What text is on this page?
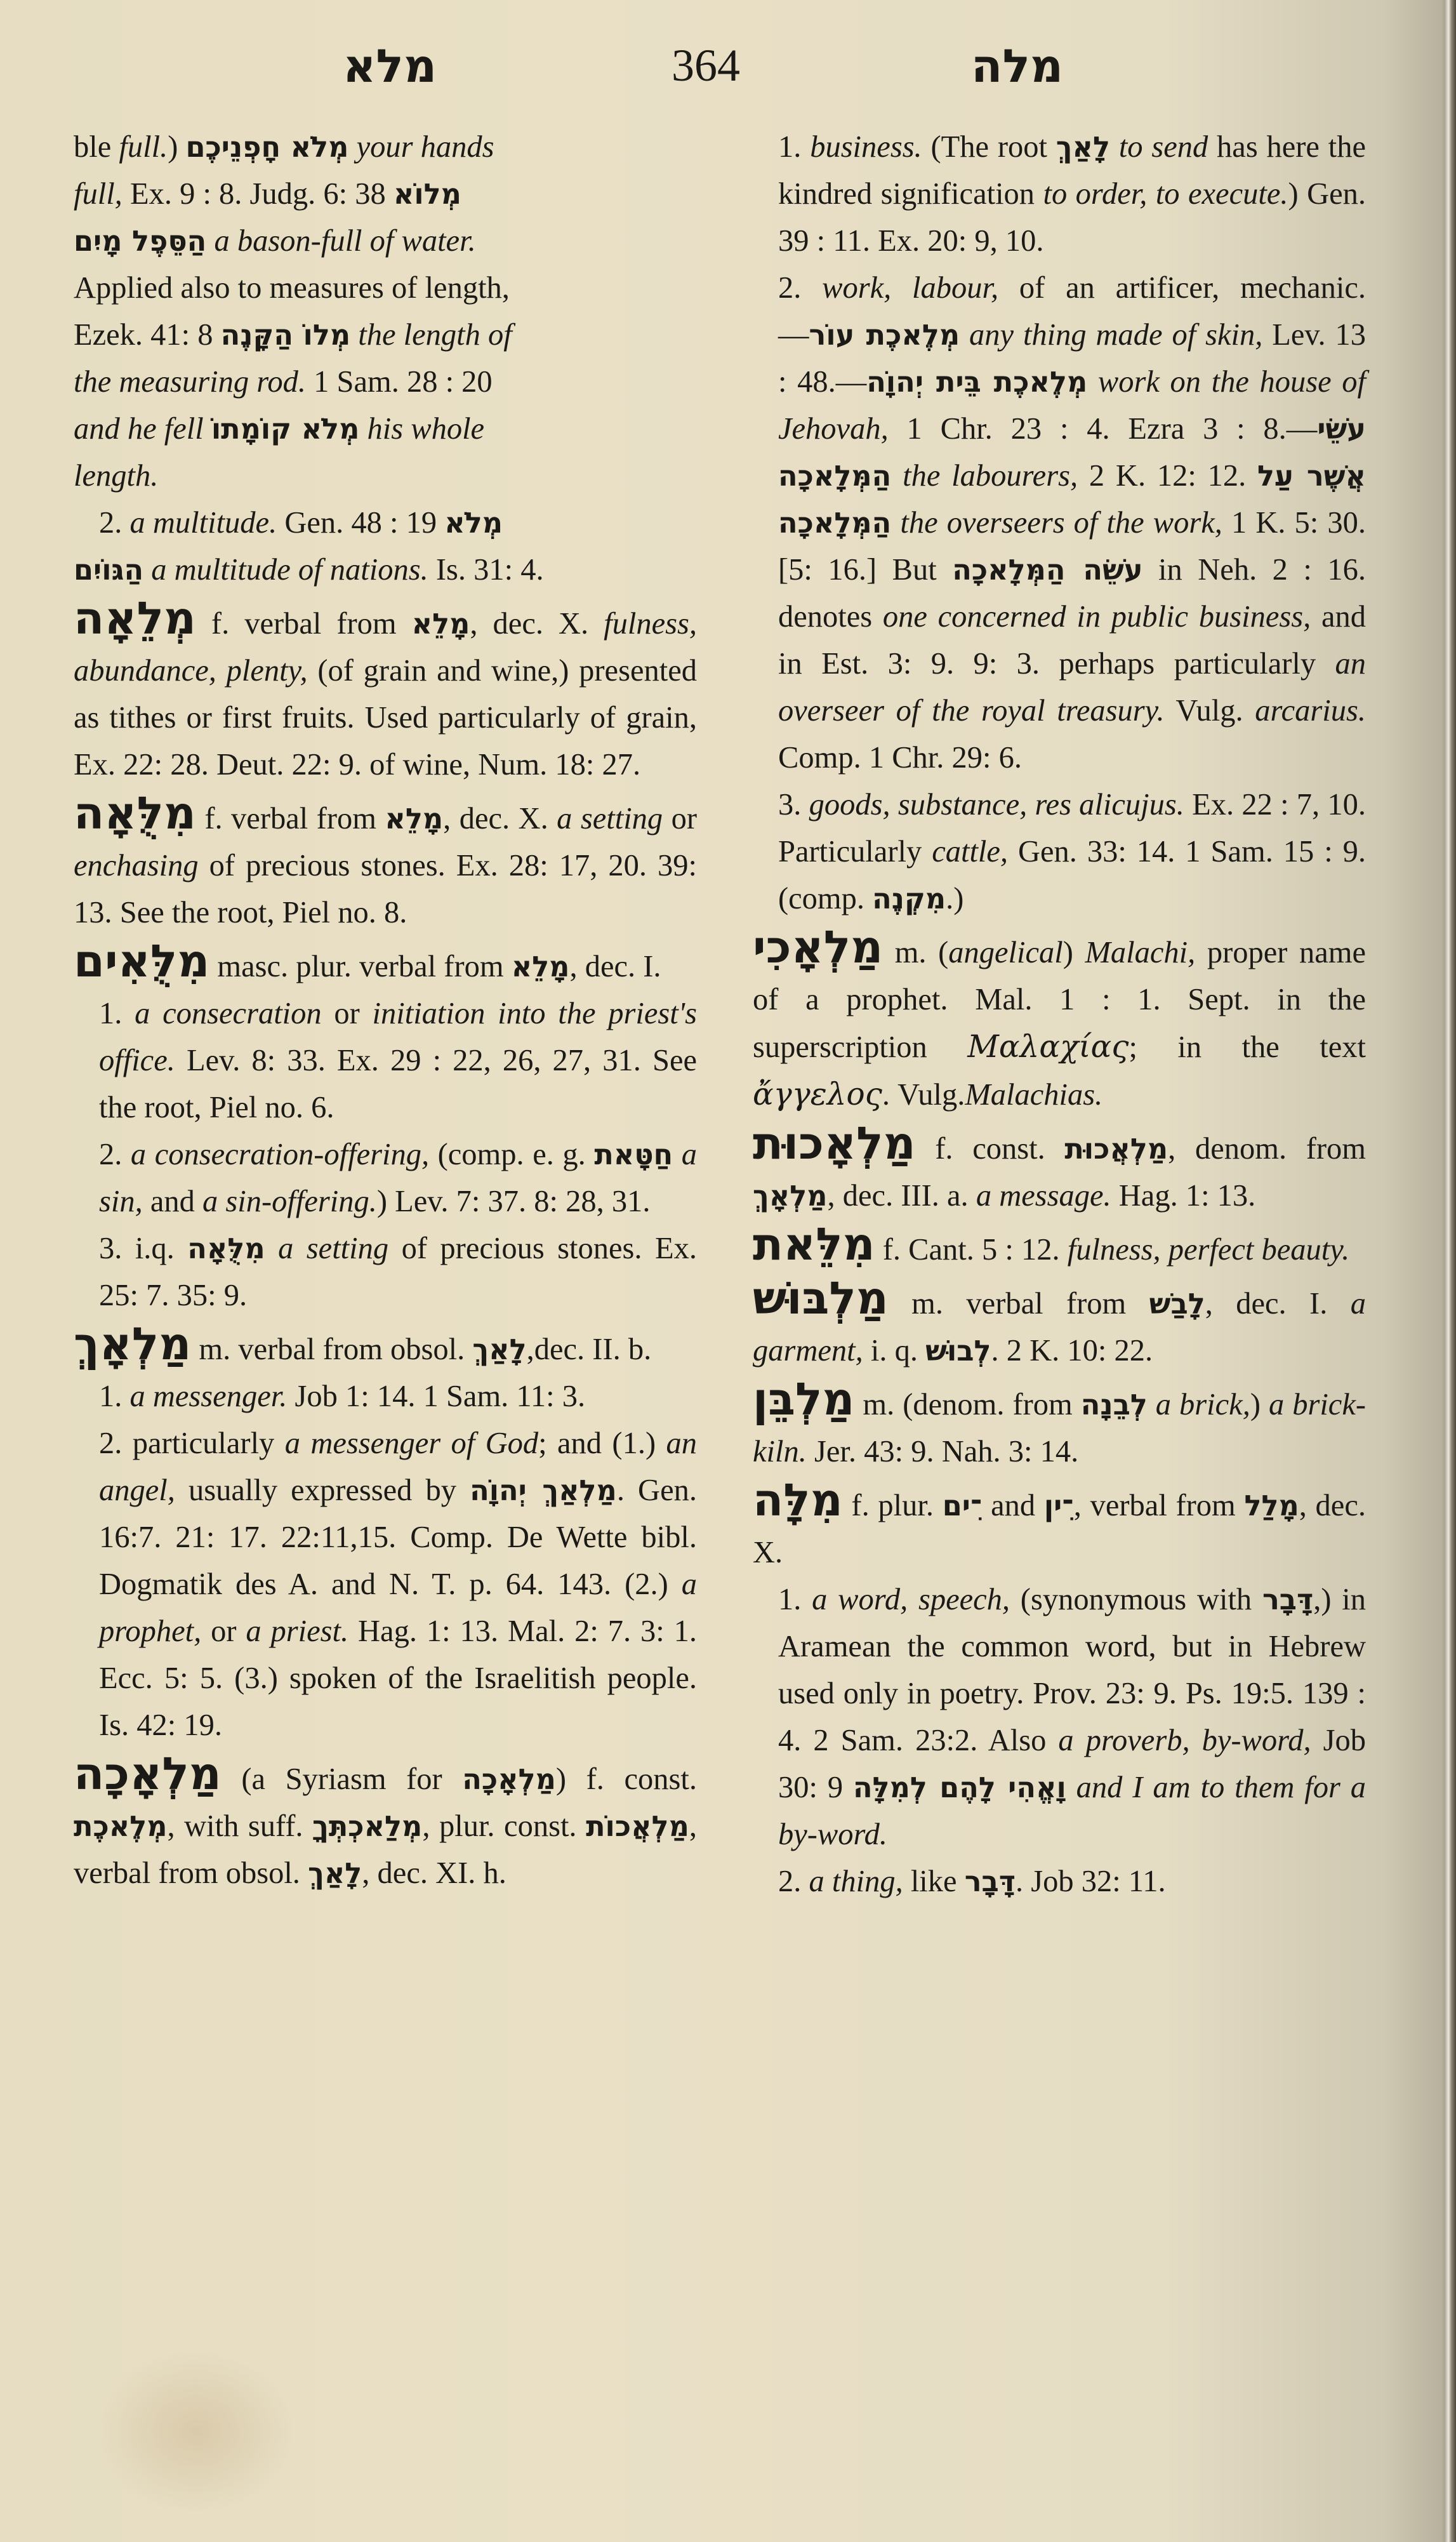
מלא	364	מלה
ble full.) מְלֹא חָפְנֵיכֶם your hands
full, Ex. 9 : 8. Judg. 6: 38 מְלוֹא
הַסֵּפֶל מָיִם a bason-full of water.
Applied also to measures of length,
Ezek. 41: 8 מְלוֹ הַקָּנֶה the length of
the measuring rod. 1 Sam. 28 : 20
and he fell מְלֹא קוֹמָתוֹ his whole
length.
2. a multitude. Gen. 48 : 19 מְלֹא
הַגּוֹיִם a multitude of nations. Is. 31: 4.
מְלֵאָה f. verbal from מָלֵא, dec. X. fulness, abundance, plenty, (of grain and wine,) presented as tithes or first fruits. Used particularly of grain, Ex. 22: 28. Deut. 22: 9. of wine, Num. 18: 27.
מִלֻּאָה f. verbal from מָלֵא, dec. X. a setting or enchasing of precious stones. Ex. 28: 17, 20. 39: 13. See the root, Piel no. 8.
מִלֻּאִים masc. plur. verbal from מָלֵא, dec. I.
1. a consecration or initiation into the priest's office. Lev. 8: 33. Ex. 29 : 22, 26, 27, 31. See the root, Piel no. 6.
2. a consecration-offering, (comp. e. g. חַטָּאת a sin, and a sin-offering.) Lev. 7: 37. 8: 28, 31.
3. i.q. מִלֻּאָה a setting of precious stones. Ex. 25: 7. 35: 9.
מַלְאָךְ m. verbal from obsol. לָאַךְ,dec. II. b.
1. a messenger. Job 1: 14. 1 Sam. 11: 3.
2. particularly a messenger of God; and (1.) an angel, usually expressed by מַלְאַךְ יְהוָֹה. Gen. 16:7. 21: 17. 22:11,15. Comp. De Wette bibl. Dogmatik des A. and N. T. p. 64. 143. (2.) a prophet, or a priest. Hag. 1: 13. Mal. 2: 7. 3: 1. Ecc. 5: 5. (3.) spoken of the Israelitish people. Is. 42: 19.
מַלְאָכָה (a Syriasm for מַלְאָכָה) f. const. מְלֶאכֶת, with suff. מְלַאכְתְּךָ, plur. const. מַלְאֲכוֹת, verbal from obsol. לָאַךְ, dec. XI. h.
1. business. (The root לָאַךְ to send has here the kindred signification to order, to execute.) Gen. 39 : 11. Ex. 20: 9, 10.
2. work, labour, of an artificer, mechanic.—מְלֶאכֶת עוֹר any thing made of skin, Lev. 13 : 48.—מְלֶאכֶת בֵּית יְהוָֹה work on the house of Jehovah, 1 Chr. 23 : 4. Ezra 3 : 8.—עֹשֵׂי הַמְּלָאכָה the labourers, 2 K. 12: 12. אֲשֶׁר עַל הַמְּלָאכָה the overseers of the work, 1 K. 5: 30. [5: 16.] But עֹשֵׂה הַמְּלָאכָה in Neh. 2 : 16. denotes one concerned in public business, and in Est. 3: 9. 9: 3. perhaps particularly an overseer of the royal treasury. Vulg. arcarius. Comp. 1 Chr. 29: 6.
3. goods, substance, res alicujus. Ex. 22 : 7, 10. Particularly cattle, Gen. 33: 14. 1 Sam. 15 : 9. (comp. מִקְנֶה.)
מַלְאָכִי m. (angelical) Malachi, proper name of a prophet. Mal. 1 : 1. Sept. in the superscription Μαλαχίας; in the text ἄγγελος. Vulg.Malachias.
מַלְאָכוּת f. const. מַלְאֲכוּת, denom. from מַלְאָךְ, dec. III. a. a message. Hag. 1: 13.
מִלֵּאת f. Cant. 5 : 12. fulness, perfect beauty.
מַלְבּוּשׁ m. verbal from לָבַשׁ, dec. I. a garment, i. q. לְבוּשׁ. 2 K. 10: 22.
מַלְבֵּן m. (denom. from לְבֵנָה a brick,) a brick-kiln. Jer. 43: 9. Nah. 3: 14.
מִלָּה f. plur. ־ִים and ־ִין, verbal from מָלַל, dec. X.
1. a word, speech, (synonymous with דָּבָר,) in Aramean the common word, but in Hebrew used only in poetry. Prov. 23: 9. Ps. 19:5. 139 : 4. 2 Sam. 23:2. Also a proverb, by-word, Job 30: 9 וָאֱהִי לָהֶם לְמִלָּה and I am to them for a by-word.
2. a thing, like דָּבָר. Job 32: 11.
